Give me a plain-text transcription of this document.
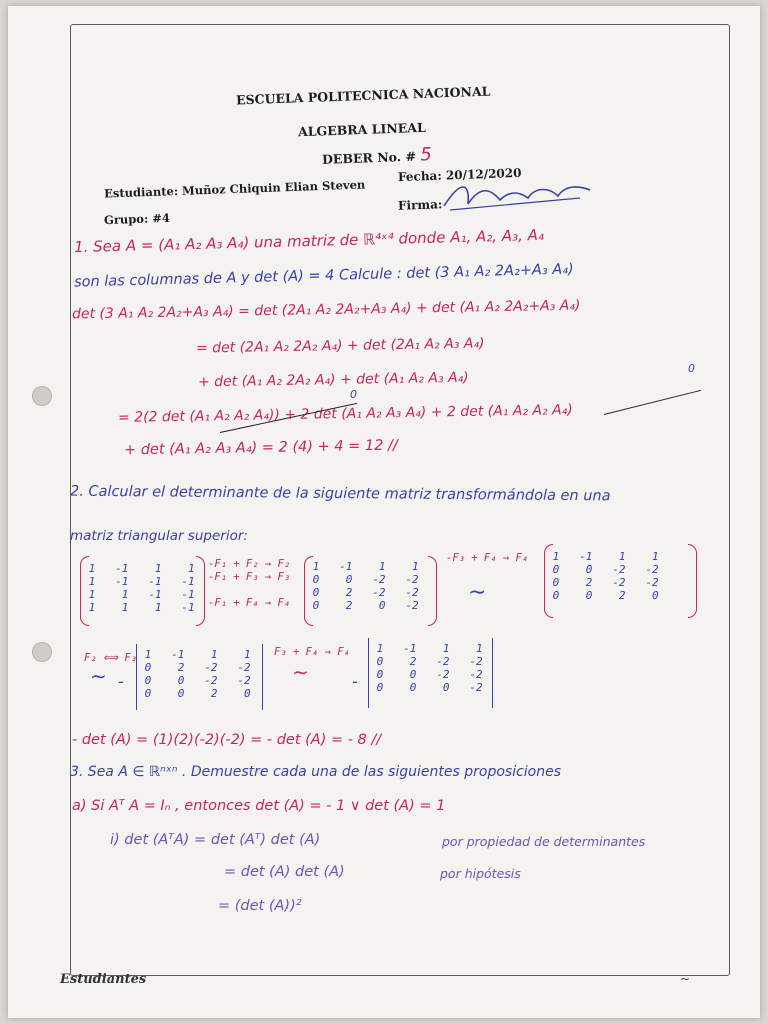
ESCUELA POLITECNICA NACIONAL
ALGEBRA LINEAL
DEBER No. # 5
Estudiante: Muñoz Chiquin Elian Steven
Fecha: 20/12/2020
Firma:
Grupo: #4
1. Sea A = (A₁ A₂ A₃ A₄) una matriz de ℝ⁴ˣ⁴ donde A₁, A₂, A₃, A₄
son las columnas de A y det (A) = 4 Calcule : det (3 A₁ A₂ 2A₂+A₃ A₄)
det (3 A₁ A₂ 2A₂+A₃ A₄) = det (2A₁ A₂ 2A₂+A₃ A₄) + det (A₁ A₂ 2A₂+A₃ A₄)
= det (2A₁ A₂ 2A₂ A₄) + det (2A₁ A₂ A₃ A₄)
+ det (A₁ A₂ 2A₂ A₄) + det (A₁ A₂ A₃ A₄)
0
0
= 2(2 det (A₁ A₂ A₂ A₄)) + 2 det (A₁ A₂ A₃ A₄) + 2 det (A₁ A₂ A₂ A₄)
+ det (A₁ A₂ A₃ A₄) = 2 (4) + 4 = 12 //
2. Calcular el determinante de la siguiente matriz transformándola en una
matriz triangular superior:
1   -1    1    1
1   -1   -1   -1
1    1   -1   -1
1    1    1   -1
-F₁ + F₂ → F₂
-F₁ + F₃ → F₃

-F₁ + F₄ → F₄
1   -1    1    1
0    0   -2   -2
0    2   -2   -2
0    2    0   -2
-F₃ + F₄ → F₄
∼
1   -1    1    1
0    0   -2   -2
0    2   -2   -2
0    0    2    0
F₂ ⟺ F₃
∼ -
1   -1    1    1
0    2   -2   -2
0    0   -2   -2
0    0    2    0
F₃ + F₄ → F₄
∼	-
1   -1    1    1
0    2   -2   -2
0    0   -2   -2
0    0    0   -2
- det (A) = (1)(2)(-2)(-2) = - det (A) = - 8 //
3. Sea A ∈ ℝⁿˣⁿ . Demuestre cada una de las siguientes proposiciones
a) Si Aᵀ A = Iₙ , entonces det (A) = - 1 ∨ det (A) = 1
i) det (AᵀA) = det (Aᵀ) det (A)	por propiedad de determinantes
= det (A) det (A)	por hipótesis
= (det (A))²
Estudiantes	~
